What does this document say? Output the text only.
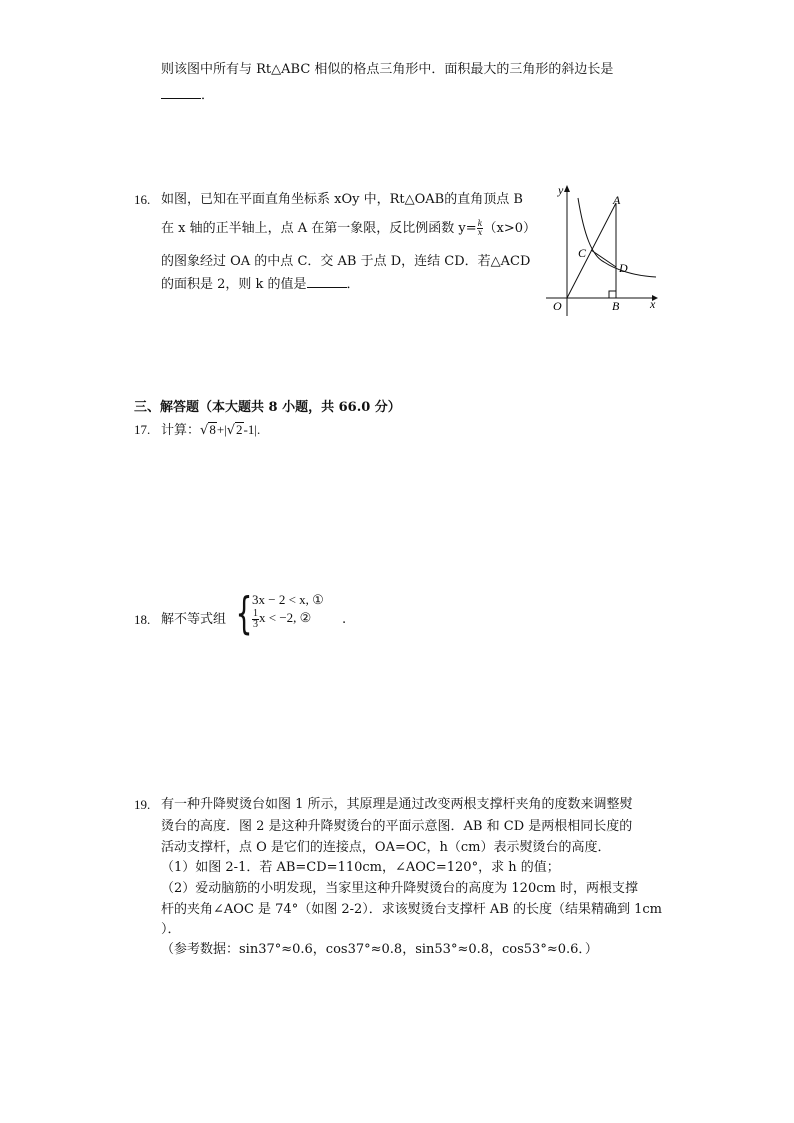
则该图中所有与 Rt△ABC 相似的格点三角形中．面积最大的三角形的斜边长是
．
16. 如图，已知在平面直角坐标系 xOy 中，Rt△OAB的直角顶点 B
在 x 轴的正半轴上，点 A 在第一象限，反比例函数 $y= \frac{k}{x} (x>0)$
的图象经过 OA 的中点 C．交 AB 于点 D，连结 CD．若△ACD
的面积是 2，则 k 的值是	．
y
x
O
A
B
C
D
三、解答题（本大题共 8 小题，共 66.0 分）
17. 计算：√8+|√2-1|.
18. 解不等式组 { 3x − 2 < x, ①
$\frac{1}{3}$ x < −2, ② .
19. 有一种升降熨烫台如图 1 所示，其原理是通过改变两根支撑杆夹角的度数来调整熨
烫台的高度．图 2 是这种升降熨烫台的平面示意图．AB 和 CD 是两根相同长度的
活动支撑杆，点 O 是它们的连接点，OA=OC，h（cm）表示熨烫台的高度．
（1）如图 2-1．若 AB=CD=110cm，∠AOC=120°，求 h 的值；
（2）爱动脑筋的小明发现，当家里这种升降熨烫台的高度为 120cm 时，两根支撑
杆的夹角∠AOC 是 74°（如图 2-2）．求该熨烫台支撑杆 AB 的长度（结果精确到 1cm
）．
（参考数据：sin37°≈0.6，cos37°≈0.8，sin53°≈0.8，cos53°≈0.6．）
